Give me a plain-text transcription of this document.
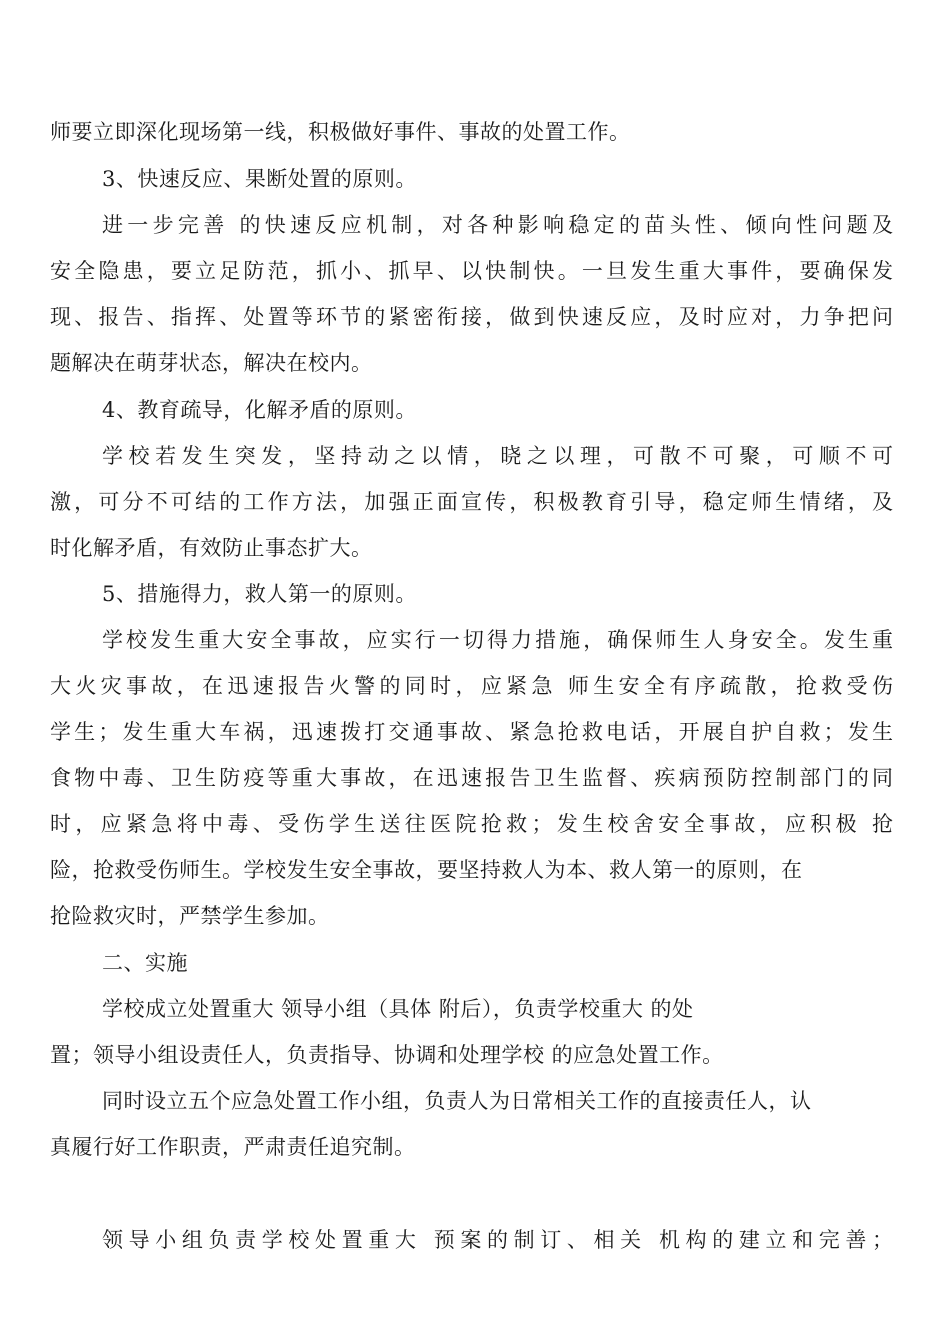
师要立即深化现场第一线，积极做好事件、事故的处置工作。
3、快速反应、果断处置的原则。
进一步完善 的快速反应机制，对各种影响稳定的苗头性、倾向性问题及
安全隐患，要立足防范，抓小、抓早、以快制快。一旦发生重大事件，要确保发
现、报告、指挥、处置等环节的紧密衔接，做到快速反应，及时应对，力争把问
题解决在萌芽状态，解决在校内。
4、教育疏导，化解矛盾的原则。
学校若发生突发，坚持动之以情，晓之以理，可散不可聚，可顺不可
激，可分不可结的工作方法，加强正面宣传，积极教育引导，稳定师生情绪，及
时化解矛盾，有效防止事态扩大。
5、措施得力，救人第一的原则。
学校发生重大安全事故，应实行一切得力措施，确保师生人身安全。发生重
大火灾事故，在迅速报告火警的同时，应紧急 师生安全有序疏散，抢救受伤
学生；发生重大车祸，迅速拨打交通事故、紧急抢救电话，开展自护自救；发生
食物中毒、卫生防疫等重大事故，在迅速报告卫生监督、疾病预防控制部门的同
时，应紧急将中毒、受伤学生送往医院抢救；发生校舍安全事故，应积极 抢
险，抢救受伤师生。学校发生安全事故，要坚持救人为本、救人第一的原则，在
抢险救灾时，严禁学生参加。
二、实施
学校成立处置重大 领导小组（具体 附后），负责学校重大 的处
置；领导小组设责任人，负责指导、协调和处理学校 的应急处置工作。
同时设立五个应急处置工作小组，负责人为日常相关工作的直接责任人，认
真履行好工作职责，严肃责任追究制。
领导小组负责学校处置重大 预案的制订、相关 机构的建立和完善；
